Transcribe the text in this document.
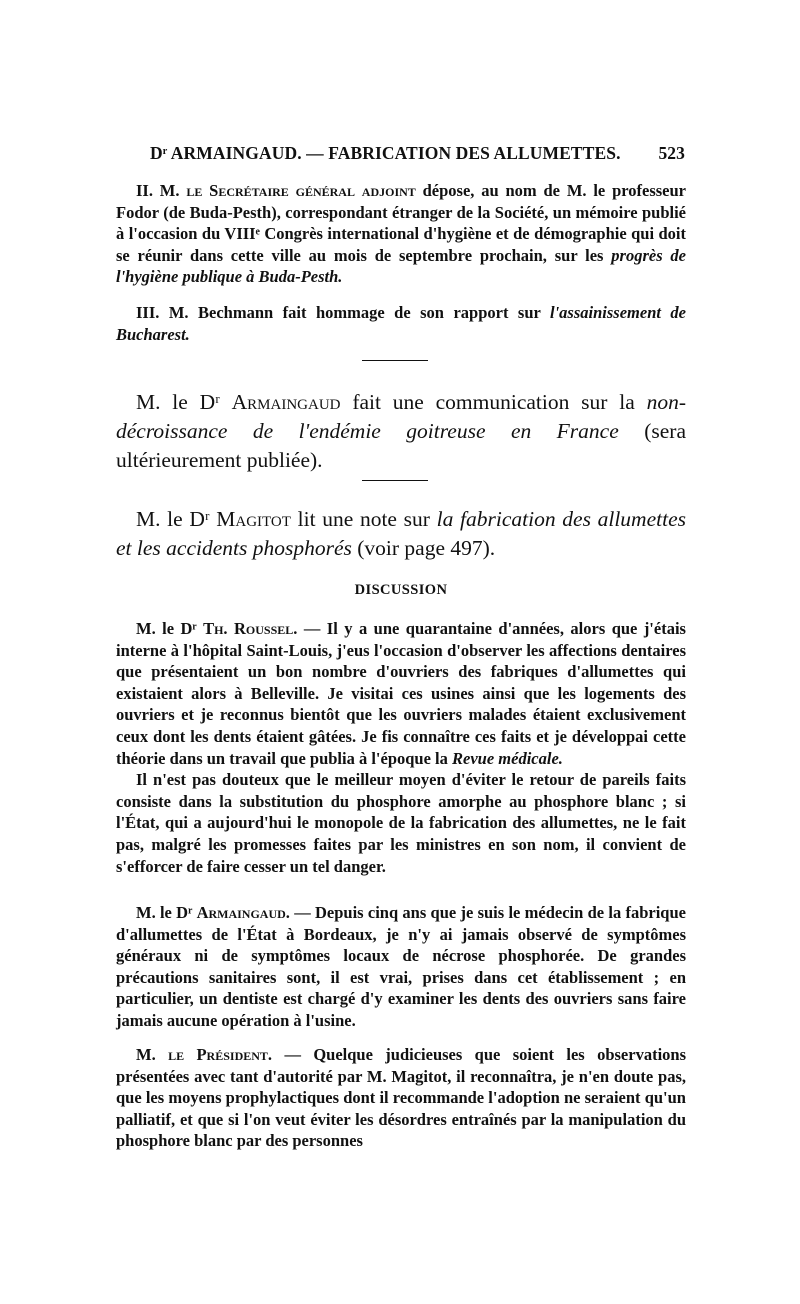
Dʳ ARMAINGAUD. — FABRICATION DES ALLUMETTES. 523

II. M. le Secrétaire général adjoint dépose, au nom de M. le professeur Fodor (de Buda-Pesth), correspondant étranger de la Société, un mémoire publié à l'occasion du VIIIᵉ Congrès international d'hygiène et de démographie qui doit se réunir dans cette ville au mois de septembre prochain, sur les progrès de l'hygiène publique à Buda-Pesth.

III. M. Bechmann fait hommage de son rapport sur l'assainissement de Bucharest.

M. le Dʳ Armaingaud fait une communication sur la non-décroissance de l'endémie goitreuse en France (sera ultérieurement publiée).

M. le Dʳ Magitot lit une note sur la fabrication des allumettes et les accidents phosphorés (voir page 497).

DISCUSSION

M. le Dʳ Th. Roussel. — Il y a une quarantaine d'années, alors que j'étais interne à l'hôpital Saint-Louis, j'eus l'occasion d'observer les affections dentaires que présentaient un bon nombre d'ouvriers des fabriques d'allumettes qui existaient alors à Belleville. Je visitai ces usines ainsi que les logements des ouvriers et je reconnus bientôt que les ouvriers malades étaient exclusivement ceux dont les dents étaient gâtées. Je fis connaître ces faits et je développai cette théorie dans un travail que publia à l'époque la Revue médicale.

Il n'est pas douteux que le meilleur moyen d'éviter le retour de pareils faits consiste dans la substitution du phosphore amorphe au phosphore blanc ; si l'État, qui a aujourd'hui le monopole de la fabrication des allumettes, ne le fait pas, malgré les promesses faites par les ministres en son nom, il convient de s'efforcer de faire cesser un tel danger.

M. le Dʳ Armaingaud. — Depuis cinq ans que je suis le médecin de la fabrique d'allumettes de l'État à Bordeaux, je n'y ai jamais observé de symptômes généraux ni de symptômes locaux de nécrose phosphorée. De grandes précautions sanitaires sont, il est vrai, prises dans cet établissement ; en particulier, un dentiste est chargé d'y examiner les dents des ouvriers sans faire jamais aucune opération à l'usine.

M. le Président. — Quelque judicieuses que soient les observations présentées avec tant d'autorité par M. Magitot, il reconnaîtra, je n'en doute pas, que les moyens prophylactiques dont il recommande l'adoption ne seraient qu'un palliatif, et que si l'on veut éviter les désordres entraînés par la manipulation du phosphore blanc par des personnes
